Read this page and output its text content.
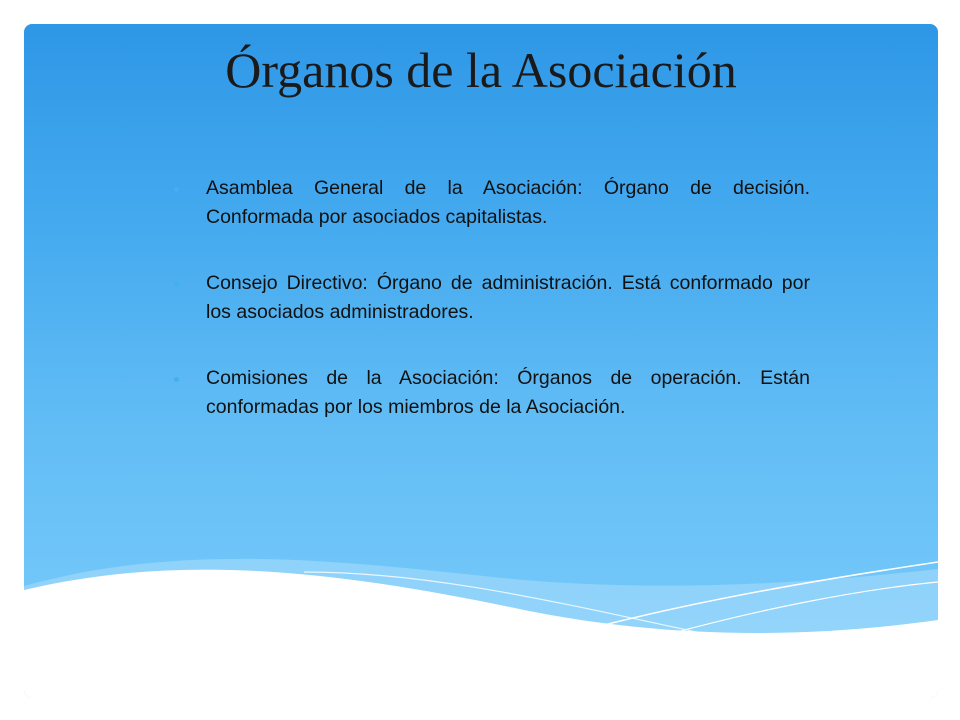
Órganos de la Asociación
Asamblea General de la Asociación: Órgano de decisión. Conformada por asociados capitalistas.
Consejo Directivo: Órgano de administración. Está conformado por los asociados administradores.
Comisiones de la Asociación: Órganos de operación. Están conformadas por los miembros de la Asociación.
